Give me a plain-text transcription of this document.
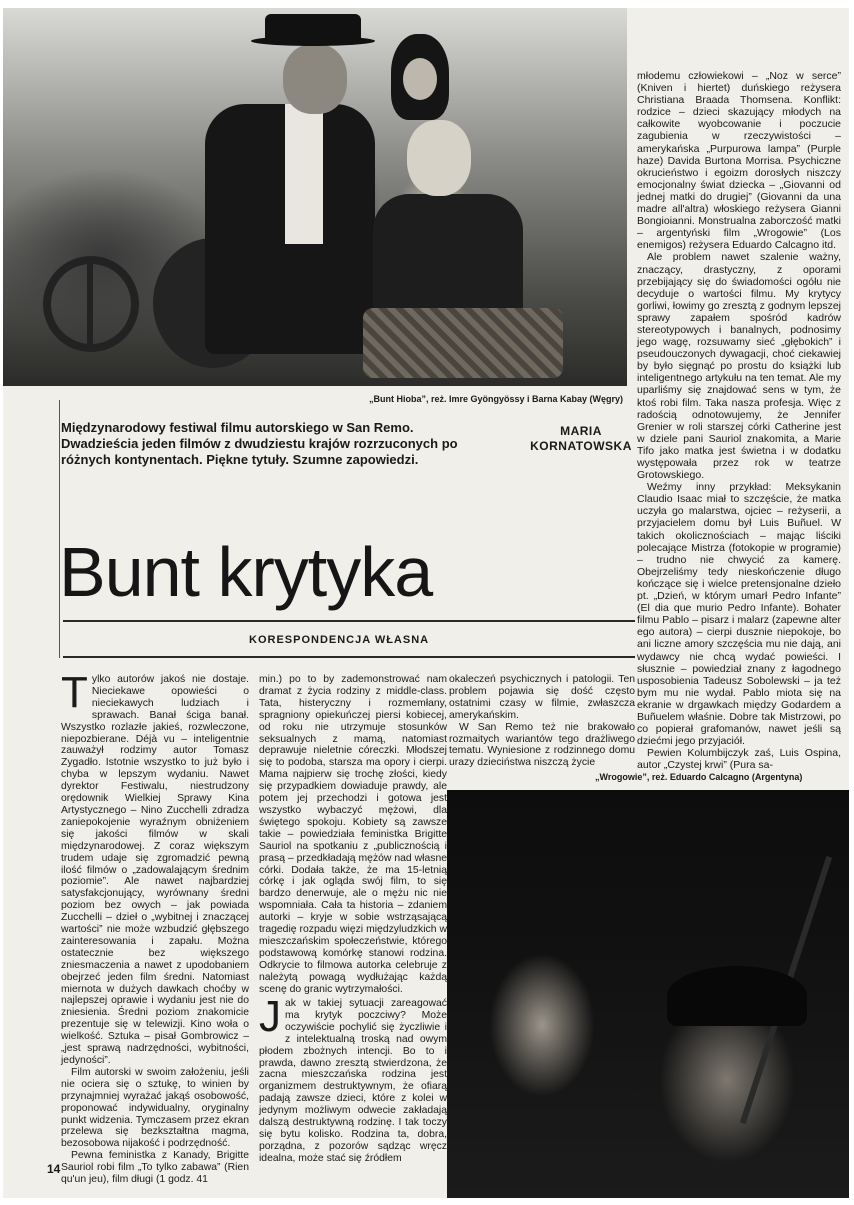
„Bunt Hioba”, reż. Imre Gyöngyössy i Barna Kabay (Węgry)
Międzynarodowy festiwal filmu autorskiego w San Remo. Dwadzieścia jeden filmów z dwudziestu krajów rozrzuconych po różnych kontynentach. Piękne tytuły. Szumne zapowiedzi.
MARIA KORNATOWSKA
Bunt krytyka
KORESPONDENCJA WŁASNA

Tylko autorów jakoś nie dostaje. Nieciekawe opowieści o nieciekawych ludziach i sprawach. Banał ściga banał. Wszystko rozlazłe jakieś, rozwleczone, niepozbierane. Déjà vu – inteligentnie zauważył rodzimy autor Tomasz Zygadło. Istotnie wszystko to już było i chyba w lepszym wydaniu. Nawet dyrektor Festiwalu, niestrudzony orędownik Wielkiej Sprawy Kina Artystycznego – Nino Zucchelli zdradza zaniepokojenie wyraźnym obniżeniem się jakości filmów w skali międzynarodowej. Z coraz większym trudem udaje się zgromadzić pewną ilość filmów o „zadowalającym średnim poziomie”. Ale nawet najbardziej satysfakcjonujący, wyrównany średni poziom bez owych – jak powiada Zucchelli – dzieł o „wybitnej i znaczącej wartości” nie może wzbudzić głębszego zainteresowania i zapału. Można ostatecznie bez większego zniesmaczenia a nawet z upodobaniem obejrzeć jeden film średni. Natomiast miernota w dużych dawkach choćby w najlepszej oprawie i wydaniu jest nie do zniesienia. Średni poziom znakomicie prezentuje się w telewizji. Kino woła o wielkość. Sztuka – pisał Gombrowicz – „jest sprawą nadrzędności, wybitności, jedyności”.

Film autorski w swoim założeniu, jeśli nie ociera się o sztukę, to winien by przynajmniej wyrażać jakąś osobowość, proponować indywidualny, oryginalny punkt widzenia. Tymczasem przez ekran przelewa się bezkształtna magma, bezosobowa nijakość i podrzędność.

Pewna feministka z Kanady, Brigitte Sauriol robi film „To tylko zabawa” (Rien qu'un jeu), film długi (1 godz. 41

min.) po to by zademonstrować nam dramat z życia rodziny z middle-class. Tata, histeryczny i rozmemłany, spragniony opiekuńczej piersi kobiecej, od roku nie utrzymuje stosunków seksualnych z mamą, natomiast deprawuje nieletnie córeczki. Młodszej się to podoba, starsza ma opory i cierpi. Mama najpierw się trochę złości, kiedy się przypadkiem dowiaduje prawdy, ale potem jej przechodzi i gotowa jest wszystko wybaczyć mężowi, dla świętego spokoju. Kobiety są zawsze takie – powiedziała feministka Brigitte Sauriol na spotkaniu z „publicznością i prasą – przedkładają mężów nad własne córki. Dodała także, że ma 15-letnią córkę i jak ogląda swój film, to się bardzo denerwuje, ale o mężu nic nie wspomniała. Cała ta historia – zdaniem autorki – kryje w sobie wstrząsającą tragedię rozpadu więzi międzyludzkich w mieszczańskim społeczeństwie, którego podstawową komórkę stanowi rodzina. Odkrycie to filmowa autorka celebruje z należytą powagą wydłużając każdą scenę do granic wytrzymałości.

Jak w takiej sytuacji zareagować ma krytyk poczciwy? Może oczywiście pochylić się życzliwie i z intelektualną troską nad owym płodem zbożnych intencji. Bo to i prawda, dawno zresztą stwierdzona, że zacna mieszczańska rodzina jest organizmem destruktywnym, że ofiarą padają zawsze dzieci, które z kolei w jedynym możliwym odwecie zakładają dalszą destruktywną rodzinę. I tak toczy się bytu kolisko. Rodzina ta, dobra, porządna, z pozorów sądząc wręcz idealna, może stać się źródłem

okaleczeń psychicznych i patologii. Ten problem pojawia się dość często ostatnimi czasy w filmie, zwłaszcza amerykańskim.

W San Remo też nie brakowało rozmaitych wariantów tego drażliwego tematu. Wyniesione z rodzinnego domu urazy dzieciństwa niszczą życie

młodemu człowiekowi – „Noz w serce” (Kniven i hiertet) duńskiego reżysera Christiana Braada Thomsena. Konflikt: rodzice – dzieci skazujący młodych na całkowite wyobcowanie i poczucie zagubienia w rzeczywistości – amerykańska „Purpurowa lampa” (Purple haze) Davida Burtona Morrisa. Psychiczne okrucieństwo i egoizm dorosłych niszczy emocjonalny świat dziecka – „Giovanni od jednej matki do drugiej” (Giovanni da una madre all'altra) włoskiego reżysera Gianni Bongioianni. Monstrualna zaborczość matki – argentyński film „Wrogowie” (Los enemigos) reżysera Eduardo Calcagno itd.

Ale problem nawet szalenie ważny, znaczący, drastyczny, z oporami przebijający się do świadomości ogółu nie decyduje o wartości filmu. My krytycy gorliwi, łowimy go zresztą z godnym lepszej sprawy zapałem spośród kadrów stereotypowych i banalnych, podnosimy jego wagę, rozsuwamy sieć „głębokich” i pseudouczonych dywagacji, choć ciekawiej by było sięgnąć po prostu do książki lub inteligentnego artykułu na ten temat. Ale my uparliśmy się znajdować sens w tym, że ktoś robi film. Taka nasza profesja. Więc z radością odnotowujemy, że Jennifer Grenier w roli starszej córki Catherine jest w dziele pani Sauriol znakomita, a Marie Tifo jako matka jest świetna i w dodatku występowała przez rok w teatrze Grotowskiego.

Weźmy inny przykład: Meksykanin Claudio Isaac miał to szczęście, że matka uczyła go malarstwa, ojciec – reżyserii, a przyjacielem domu był Luis Buñuel. W takich okolicznościach – mając liściki polecające Mistrza (fotokopie w programie) – trudno nie chwycić za kamerę. Obejrzeliśmy tedy nieskończenie długo kończące się i wielce pretensjonalne dzieło pt. „Dzień, w którym umarł Pedro Infante” (El dia que murio Pedro Infante). Bohater filmu Pablo – pisarz i malarz (zapewne alter ego autora) – cierpi dusznie niepokoje, bo ani liczne amory szczęścia mu nie dają, ani wydawcy nie chcą wydać powieści. I słusznie – powiedział znany z łagodnego usposobienia Tadeusz Sobolewski – ja też bym mu nie wydał. Pablo miota się na ekranie w drgawkach między Godardem a Buñuelem właśnie. Dobre tak Mistrzowi, po co popierał grafomanów, nawet jeśli są dziećmi jego przyjaciół.

Pewien Kolumbijczyk zaś, Luis Ospina, autor „Czystej krwi” (Pura sa-

„Wrogowie”, reż. Eduardo Calcagno (Argentyna)
14
